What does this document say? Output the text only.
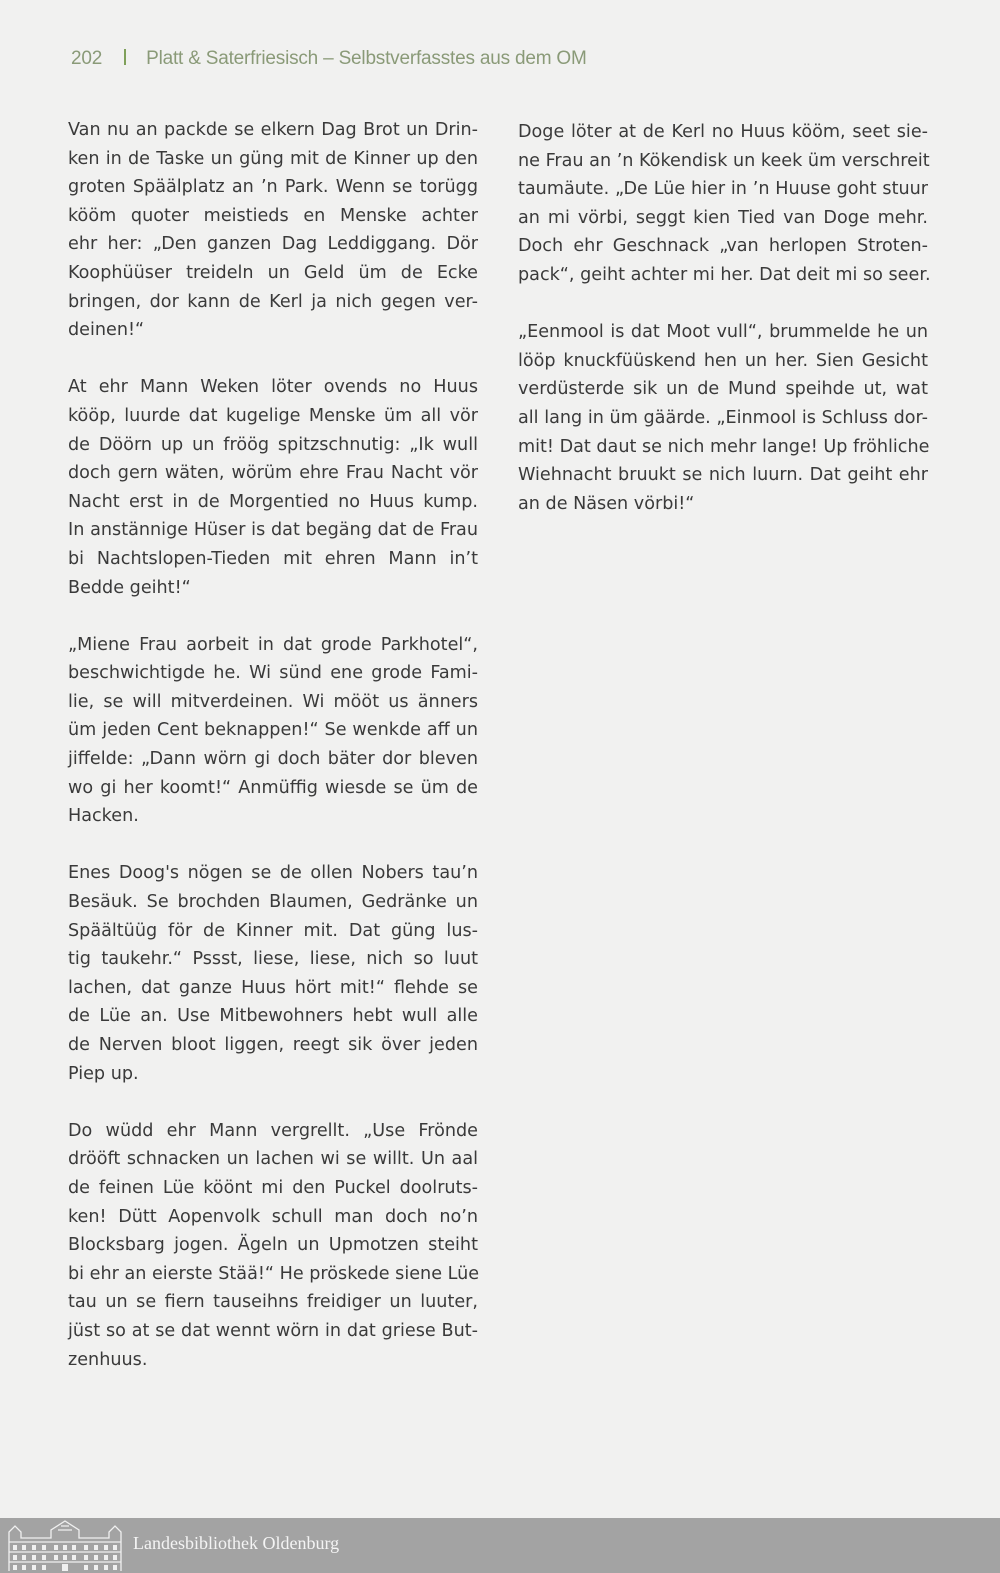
202 Platt & Saterfriesisch – Selbstverfasstes aus dem OM
Van nu an packde se elkern Dag Brot un Drin-
ken in de Taske un güng mit de Kinner up den
groten Späälplatz an ’n Park. Wenn se torügg
kööm quoter meistieds en Menske achter
ehr her: „Den ganzen Dag Leddiggang. Dör
Koophüüser treideln un Geld üm de Ecke
bringen, dor kann de Kerl ja nich gegen ver-
deinen!“
At ehr Mann Weken löter ovends no Huus
kööp, luurde dat kugelige Menske üm all vör
de Döörn up un fröög spitzschnutig: „Ik wull
doch gern wäten, wörüm ehre Frau Nacht vör
Nacht erst in de Morgentied no Huus kump.
In anstännige Hüser is dat begäng dat de Frau
bi Nachtslopen-Tieden mit ehren Mann in’t
Bedde geiht!“
„Miene Frau aorbeit in dat grode Parkhotel“,
beschwichtigde he. Wi sünd ene grode Fami-
lie, se will mitverdeinen. Wi mööt us änners
üm jeden Cent beknappen!“ Se wenkde aff un
jiffelde: „Dann wörn gi doch bäter dor bleven
wo gi her koomt!“ Anmüffig wiesde se üm de
Hacken.
Enes Doog's nögen se de ollen Nobers tau’n
Besäuk. Se brochden Blaumen, Gedränke un
Späältüüg för de Kinner mit. Dat güng lus-
tig taukehr.“ Pssst, liese, liese, nich so luut
lachen, dat ganze Huus hört mit!“ flehde se
de Lüe an. Use Mitbewohners hebt wull alle
de Nerven bloot liggen, reegt sik över jeden
Piep up.
Do wüdd ehr Mann vergrellt. „Use Frönde
drööft schnacken un lachen wi se willt. Un aal
de feinen Lüe köönt mi den Puckel doolruts-
ken! Dütt Aopenvolk schull man doch no’n
Blocksbarg jogen. Ägeln un Upmotzen steiht
bi ehr an eierste Stää!“ He pröskede siene Lüe
tau un se fiern tauseihns freidiger un luuter,
jüst so at se dat wennt wörn in dat griese But-
zenhuus.
Doge löter at de Kerl no Huus kööm, seet sie-
ne Frau an ’n Kökendisk un keek üm verschreit
taumäute. „De Lüe hier in ’n Huuse goht stuur
an mi vörbi, seggt kien Tied van Doge mehr.
Doch ehr Geschnack „van herlopen Stroten-
pack“, geiht achter mi her. Dat deit mi so seer.
„Eenmool is dat Moot vull“, brummelde he un
lööp knuckfüüskend hen un her. Sien Gesicht
verdüsterde sik un de Mund speihde ut, wat
all lang in üm gäärde. „Einmool is Schluss dor-
mit! Dat daut se nich mehr lange! Up fröhliche
Wiehnacht bruukt se nich luurn. Dat geiht ehr
an de Näsen vörbi!“
Landesbibliothek Oldenburg
